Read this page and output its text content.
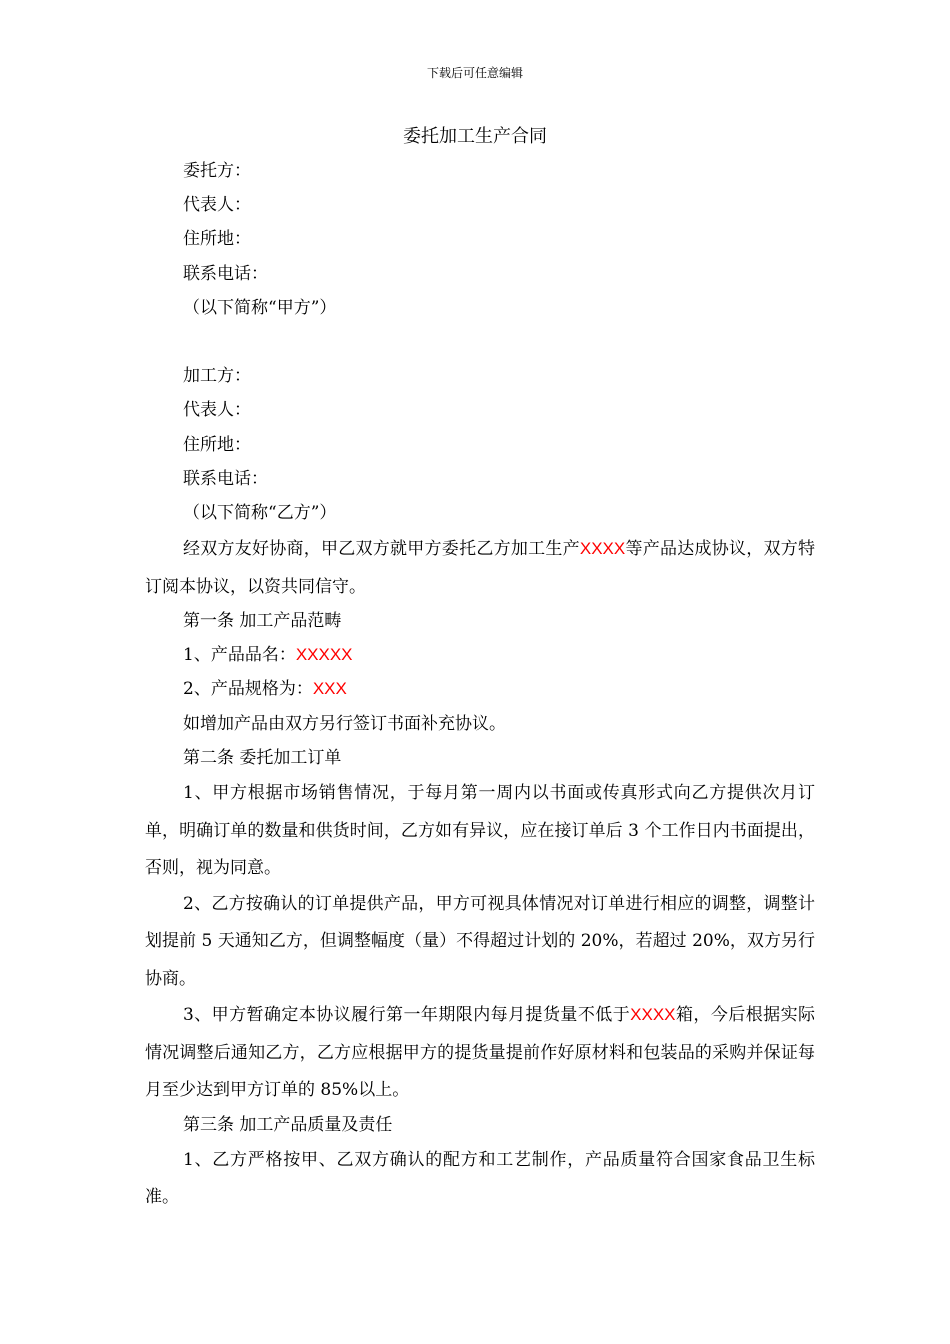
下载后可任意编辑
委托加工生产合同
委托方：
代表人：
住所地：
联系电话：
（以下简称“甲方”）
加工方：
代表人：
住所地：
联系电话：
（以下简称“乙方”）

经双方友好协商，甲乙双方就甲方委托乙方加工生产XXXX等产品达成协议，双方特订阅本协议，以资共同信守。

第一条 加工产品范畴
1、产品品名：XXXXX
2、产品规格为：XXX
如增加产品由双方另行签订书面补充协议。
第二条 委托加工订单

1、甲方根据市场销售情况，于每月第一周内以书面或传真形式向乙方提供次月订单，明确订单的数量和供货时间，乙方如有异议，应在接订单后 3 个工作日内书面提出，否则，视为同意。

2、乙方按确认的订单提供产品，甲方可视具体情况对订单进行相应的调整，调整计划提前 5 天通知乙方，但调整幅度（量）不得超过计划的 20%，若超过 20%，双方另行协商。

3、甲方暂确定本协议履行第一年期限内每月提货量不低于XXXX箱，今后根据实际情况调整后通知乙方，乙方应根据甲方的提货量提前作好原材料和包装品的采购并保证每月至少达到甲方订单的 85%以上。

第三条 加工产品质量及责任

1、乙方严格按甲、乙双方确认的配方和工艺制作，产品质量符合国家食品卫生标准。
